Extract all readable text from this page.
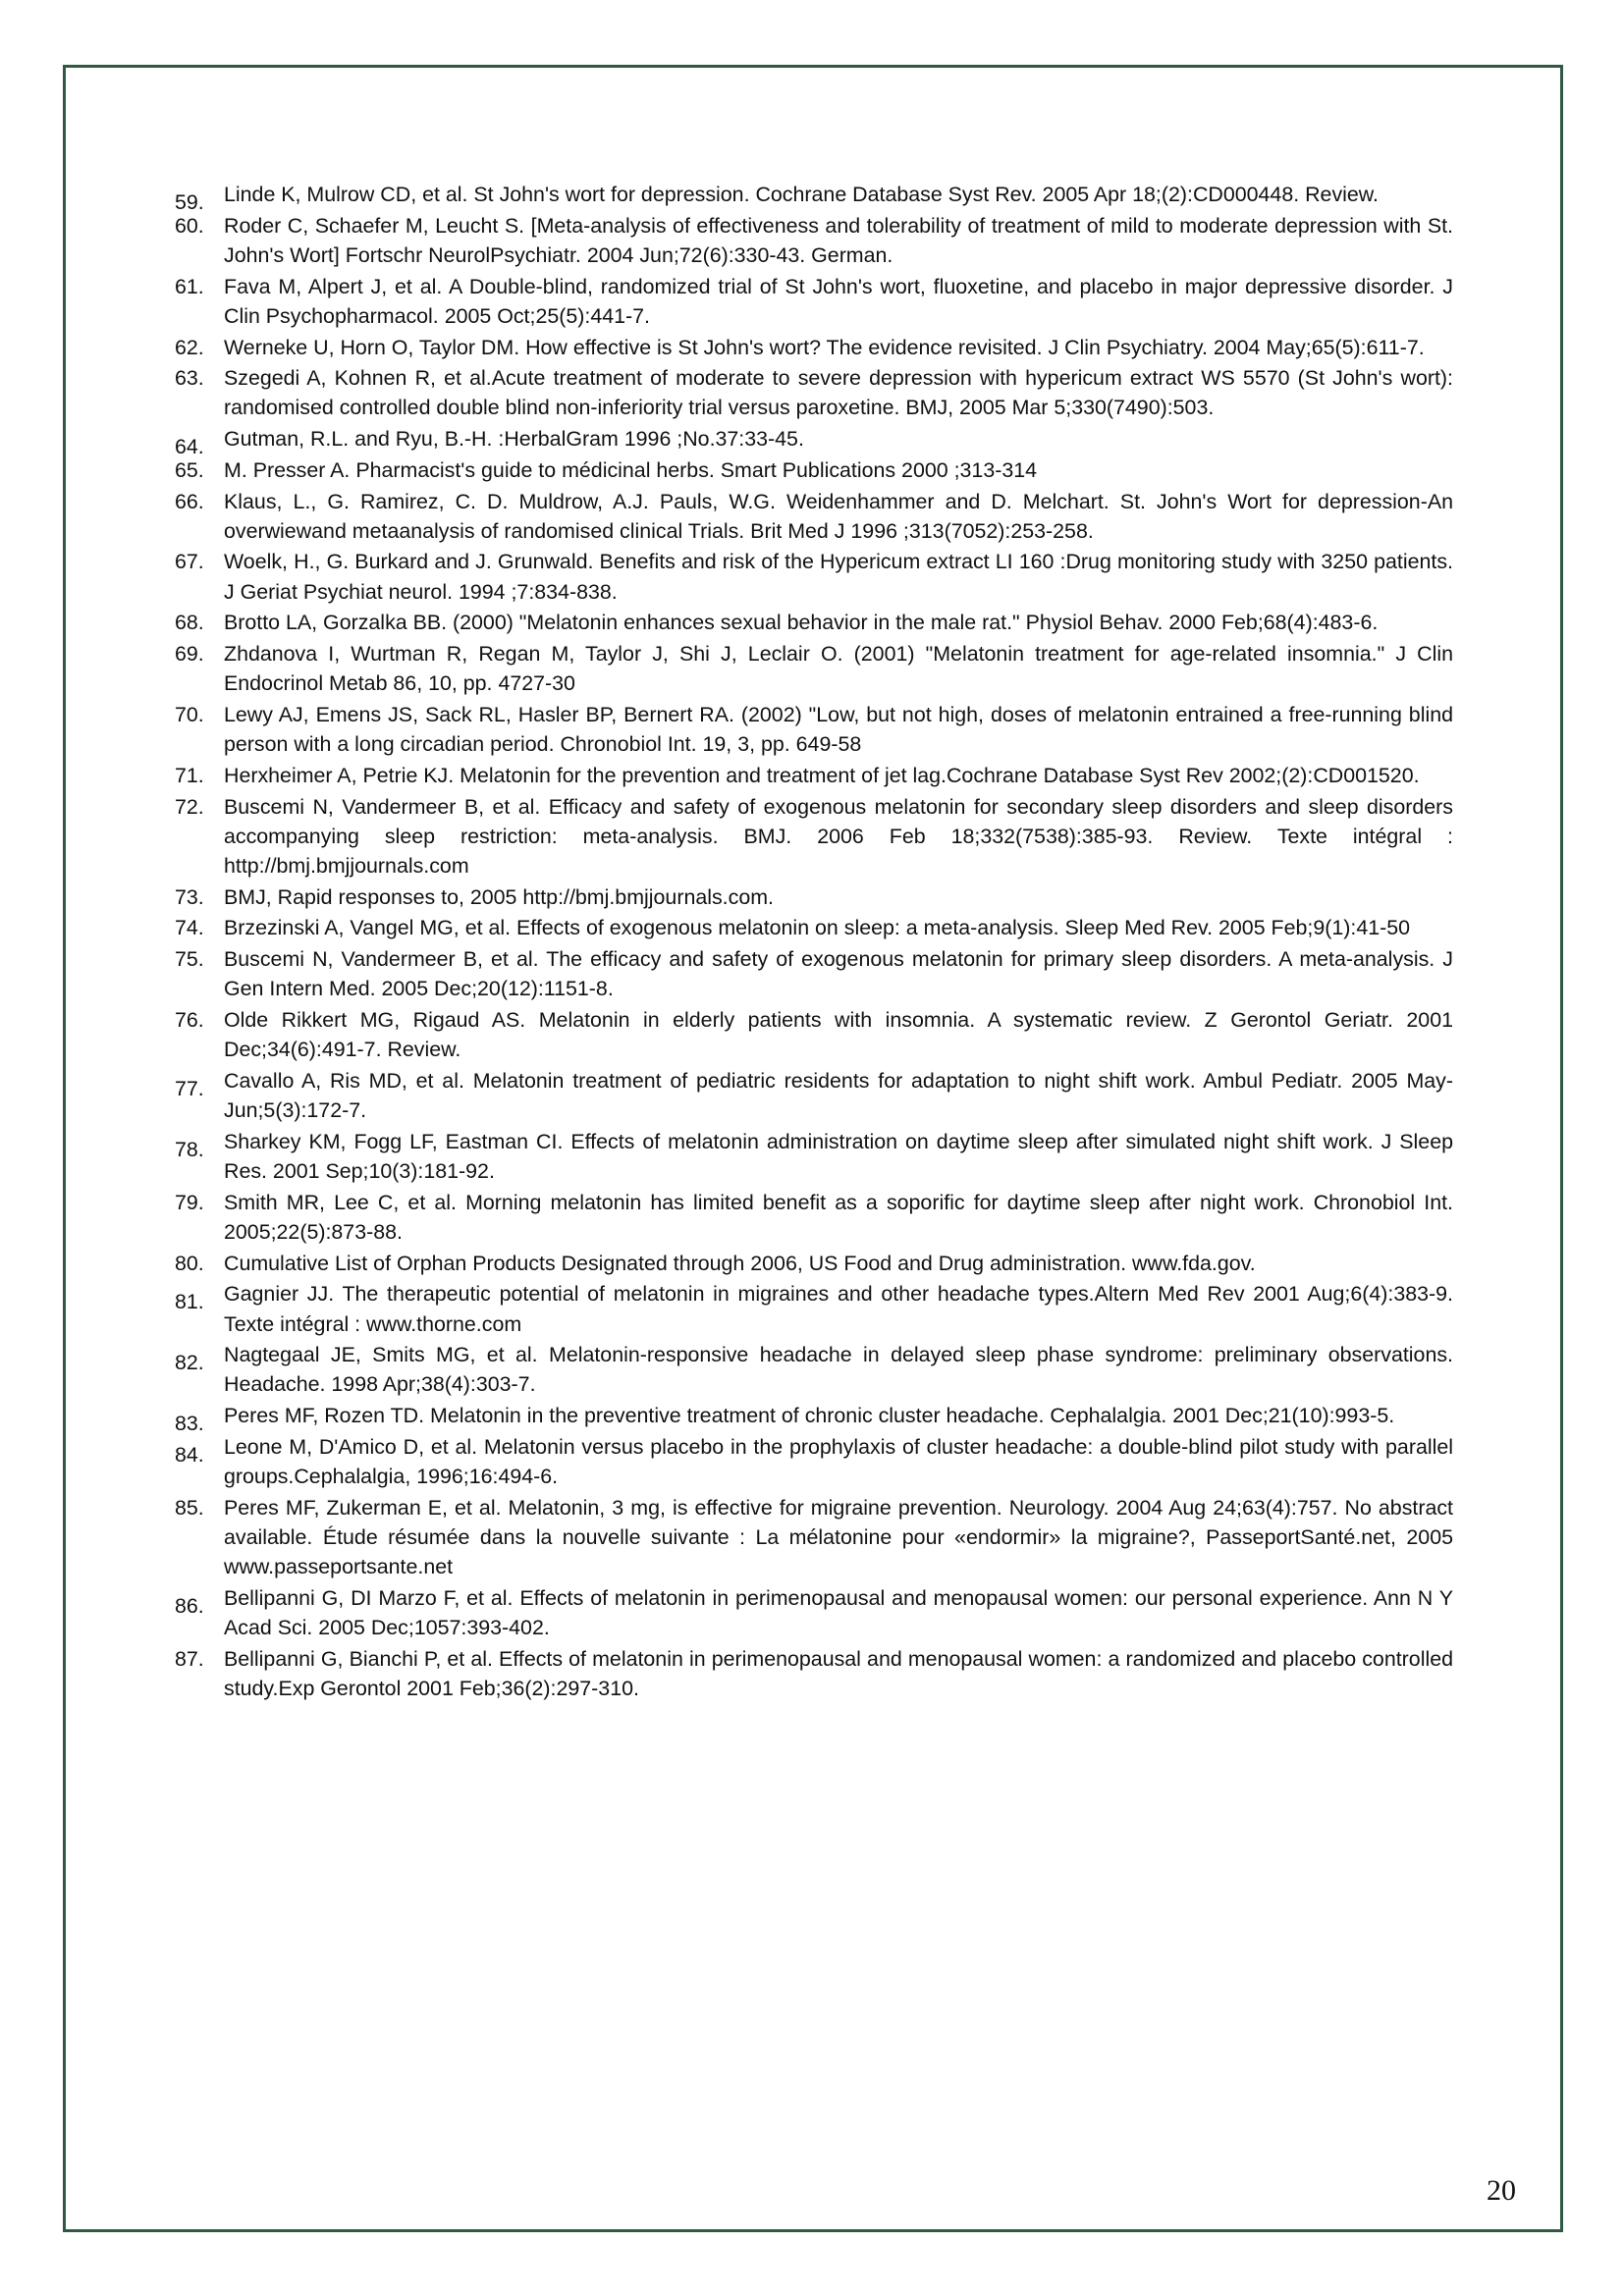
59. Linde K, Mulrow CD, et al. St John's wort for depression. Cochrane Database Syst Rev. 2005 Apr 18;(2):CD000448. Review.
60. Roder C, Schaefer M, Leucht S. [Meta-analysis of effectiveness and tolerability of treatment of mild to moderate depression with St. John's Wort] Fortschr NeurolPsychiatr. 2004 Jun;72(6):330-43. German.
61. Fava M, Alpert J, et al. A Double-blind, randomized trial of St John's wort, fluoxetine, and placebo in major depressive disorder. J Clin Psychopharmacol. 2005 Oct;25(5):441-7.
62. Werneke U, Horn O, Taylor DM. How effective is St John's wort? The evidence revisited. J Clin Psychiatry. 2004 May;65(5):611-7.
63. Szegedi A, Kohnen R, et al.Acute treatment of moderate to severe depression with hypericum extract WS 5570 (St John's wort): randomised controlled double blind non-inferiority trial versus paroxetine. BMJ, 2005 Mar 5;330(7490):503.
64. Gutman, R.L. and Ryu, B.-H. :HerbalGram 1996 ;No.37:33-45.
65. M. Presser A. Pharmacist's guide to médicinal herbs. Smart Publications 2000 ;313-314
66. Klaus, L., G. Ramirez, C. D. Muldrow, A.J. Pauls, W.G. Weidenhammer and D. Melchart. St. John's Wort for depression-An overwiewand metaanalysis of randomised clinical Trials. Brit Med J 1996 ;313(7052):253-258.
67. Woelk, H., G. Burkard and J. Grunwald. Benefits and risk of the Hypericum extract LI 160 :Drug monitoring study with 3250 patients. J Geriat Psychiat neurol. 1994 ;7:834-838.
68. Brotto LA, Gorzalka BB. (2000) "Melatonin enhances sexual behavior in the male rat." Physiol Behav. 2000 Feb;68(4):483-6.
69. Zhdanova I, Wurtman R, Regan M, Taylor J, Shi J, Leclair O. (2001) "Melatonin treatment for age-related insomnia." J Clin Endocrinol Metab 86, 10, pp. 4727-30
70. Lewy AJ, Emens JS, Sack RL, Hasler BP, Bernert RA. (2002) "Low, but not high, doses of melatonin entrained a free-running blind person with a long circadian period. Chronobiol Int. 19, 3, pp. 649-58
71. Herxheimer A, Petrie KJ. Melatonin for the prevention and treatment of jet lag.Cochrane Database Syst Rev 2002;(2):CD001520.
72. Buscemi N, Vandermeer B, et al. Efficacy and safety of exogenous melatonin for secondary sleep disorders and sleep disorders accompanying sleep restriction: meta-analysis. BMJ. 2006 Feb 18;332(7538):385-93. Review. Texte intégral : http://bmj.bmjjournals.com
73. BMJ, Rapid responses to, 2005 http://bmj.bmjjournals.com.
74. Brzezinski A, Vangel MG, et al. Effects of exogenous melatonin on sleep: a meta-analysis. Sleep Med Rev. 2005 Feb;9(1):41-50
75. Buscemi N, Vandermeer B, et al. The efficacy and safety of exogenous melatonin for primary sleep disorders. A meta-analysis. J Gen Intern Med. 2005 Dec;20(12):1151-8.
76. Olde Rikkert MG, Rigaud AS. Melatonin in elderly patients with insomnia. A systematic review. Z Gerontol Geriatr. 2001 Dec;34(6):491-7. Review.
77. Cavallo A, Ris MD, et al. Melatonin treatment of pediatric residents for adaptation to night shift work. Ambul Pediatr. 2005 May-Jun;5(3):172-7.
78. Sharkey KM, Fogg LF, Eastman CI. Effects of melatonin administration on daytime sleep after simulated night shift work. J Sleep Res. 2001 Sep;10(3):181-92.
79. Smith MR, Lee C, et al. Morning melatonin has limited benefit as a soporific for daytime sleep after night work. Chronobiol Int. 2005;22(5):873-88.
80. Cumulative List of Orphan Products Designated through 2006, US Food and Drug administration. www.fda.gov.
81. Gagnier JJ. The therapeutic potential of melatonin in migraines and other headache types.Altern Med Rev 2001 Aug;6(4):383-9. Texte intégral : www.thorne.com
82. Nagtegaal JE, Smits MG, et al. Melatonin-responsive headache in delayed sleep phase syndrome: preliminary observations. Headache. 1998 Apr;38(4):303-7.
83. Peres MF, Rozen TD. Melatonin in the preventive treatment of chronic cluster headache. Cephalalgia. 2001 Dec;21(10):993-5.
84. Leone M, D'Amico D, et al. Melatonin versus placebo in the prophylaxis of cluster headache: a double-blind pilot study with parallel groups.Cephalalgia, 1996;16:494-6.
85. Peres MF, Zukerman E, et al. Melatonin, 3 mg, is effective for migraine prevention. Neurology. 2004 Aug 24;63(4):757. No abstract available. Étude résumée dans la nouvelle suivante : La mélatonine pour «endormir» la migraine?, PasseportSanté.net, 2005 www.passeportsante.net
86. Bellipanni G, DI Marzo F, et al. Effects of melatonin in perimenopausal and menopausal women: our personal experience. Ann N Y Acad Sci. 2005 Dec;1057:393-402.
87. Bellipanni G, Bianchi P, et al. Effects of melatonin in perimenopausal and menopausal women: a randomized and placebo controlled study.Exp Gerontol 2001 Feb;36(2):297-310.
20
